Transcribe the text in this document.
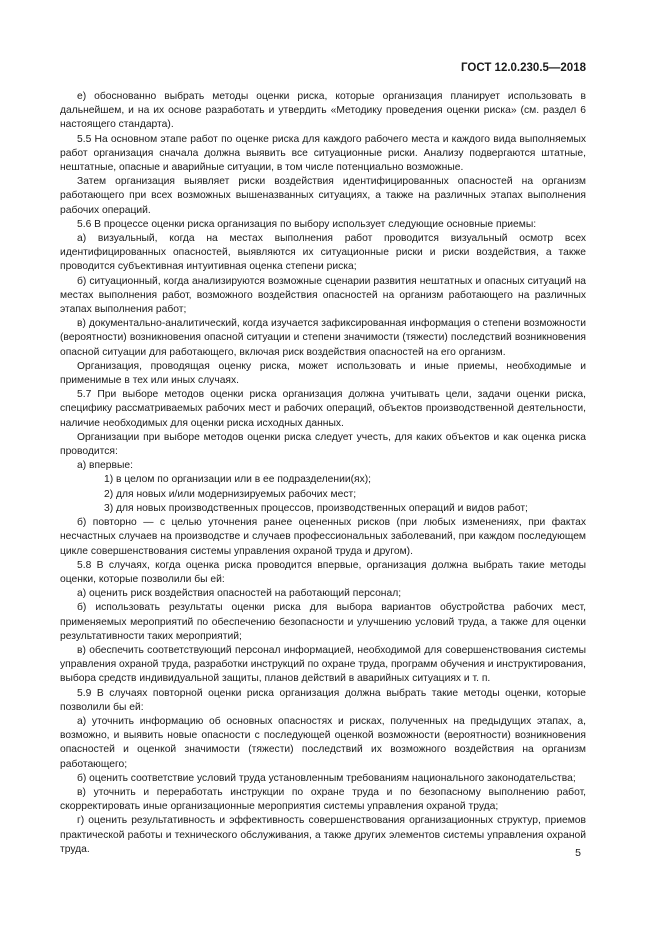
ГОСТ 12.0.230.5—2018

е) обоснованно выбрать методы оценки риска, которые организация планирует использовать в дальнейшем, и на их основе разработать и утвердить «Методику проведения оценки риска» (см. раздел 6 настоящего стандарта).

5.5 На основном этапе работ по оценке риска для каждого рабочего места и каждого вида выполняемых работ организация сначала должна выявить все ситуационные риски. Анализу подвергаются штатные, нештатные, опасные и аварийные ситуации, в том числе потенциально возможные.

Затем организация выявляет риски воздействия идентифицированных опасностей на организм работающего при всех возможных вышеназванных ситуациях, а также на различных этапах выполнения рабочих операций.

5.6 В процессе оценки риска организация по выбору использует следующие основные приемы:

а) визуальный, когда на местах выполнения работ проводится визуальный осмотр всех идентифицированных опасностей, выявляются их ситуационные риски и риски воздействия, а также проводится субъективная интуитивная оценка степени риска;

б) ситуационный, когда анализируются возможные сценарии развития нештатных и опасных ситуаций на местах выполнения работ, возможного воздействия опасностей на организм работающего на различных этапах выполнения работ;

в) документально-аналитический, когда изучается зафиксированная информация о степени возможности (вероятности) возникновения опасной ситуации и степени значимости (тяжести) последствий возникновения опасной ситуации для работающего, включая риск воздействия опасностей на его организм.

Организация, проводящая оценку риска, может использовать и иные приемы, необходимые и применимые в тех или иных случаях.

5.7 При выборе методов оценки риска организация должна учитывать цели, задачи оценки риска, специфику рассматриваемых рабочих мест и рабочих операций, объектов производственной деятельности, наличие необходимых для оценки риска исходных данных.

Организации при выборе методов оценки риска следует учесть, для каких объектов и как оценка риска проводится:

а) впервые:

1) в целом по организации или в ее подразделении(ях);

2) для новых и/или модернизируемых рабочих мест;

3) для новых производственных процессов, производственных операций и видов работ;

б) повторно — с целью уточнения ранее оцененных рисков (при любых изменениях, при фактах несчастных случаев на производстве и случаев профессиональных заболеваний, при каждом последующем цикле совершенствования системы управления охраной труда и другом).

5.8 В случаях, когда оценка риска проводится впервые, организация должна выбрать такие методы оценки, которые позволили бы ей:

а) оценить риск воздействия опасностей на работающий персонал;

б) использовать результаты оценки риска для выбора вариантов обустройства рабочих мест, применяемых мероприятий по обеспечению безопасности и улучшению условий труда, а также для оценки результативности таких мероприятий;

в) обеспечить соответствующий персонал информацией, необходимой для совершенствования системы управления охраной труда, разработки инструкций по охране труда, программ обучения и инструктирования, выбора средств индивидуальной защиты, планов действий в аварийных ситуациях и т. п.

5.9 В случаях повторной оценки риска организация должна выбрать такие методы оценки, которые позволили бы ей:

а) уточнить информацию об основных опасностях и рисках, полученных на предыдущих этапах, а, возможно, и выявить новые опасности с последующей оценкой возможности (вероятности) возникновения опасностей и оценкой значимости (тяжести) последствий их возможного воздействия на организм работающего;

б) оценить соответствие условий труда установленным требованиям национального законодательства;

в) уточнить и переработать инструкции по охране труда и по безопасному выполнению работ, скорректировать иные организационные мероприятия системы управления охраной труда;

г) оценить результативность и эффективность совершенствования организационных структур, приемов практической работы и технического обслуживания, а также других элементов системы управления охраной труда.	5
